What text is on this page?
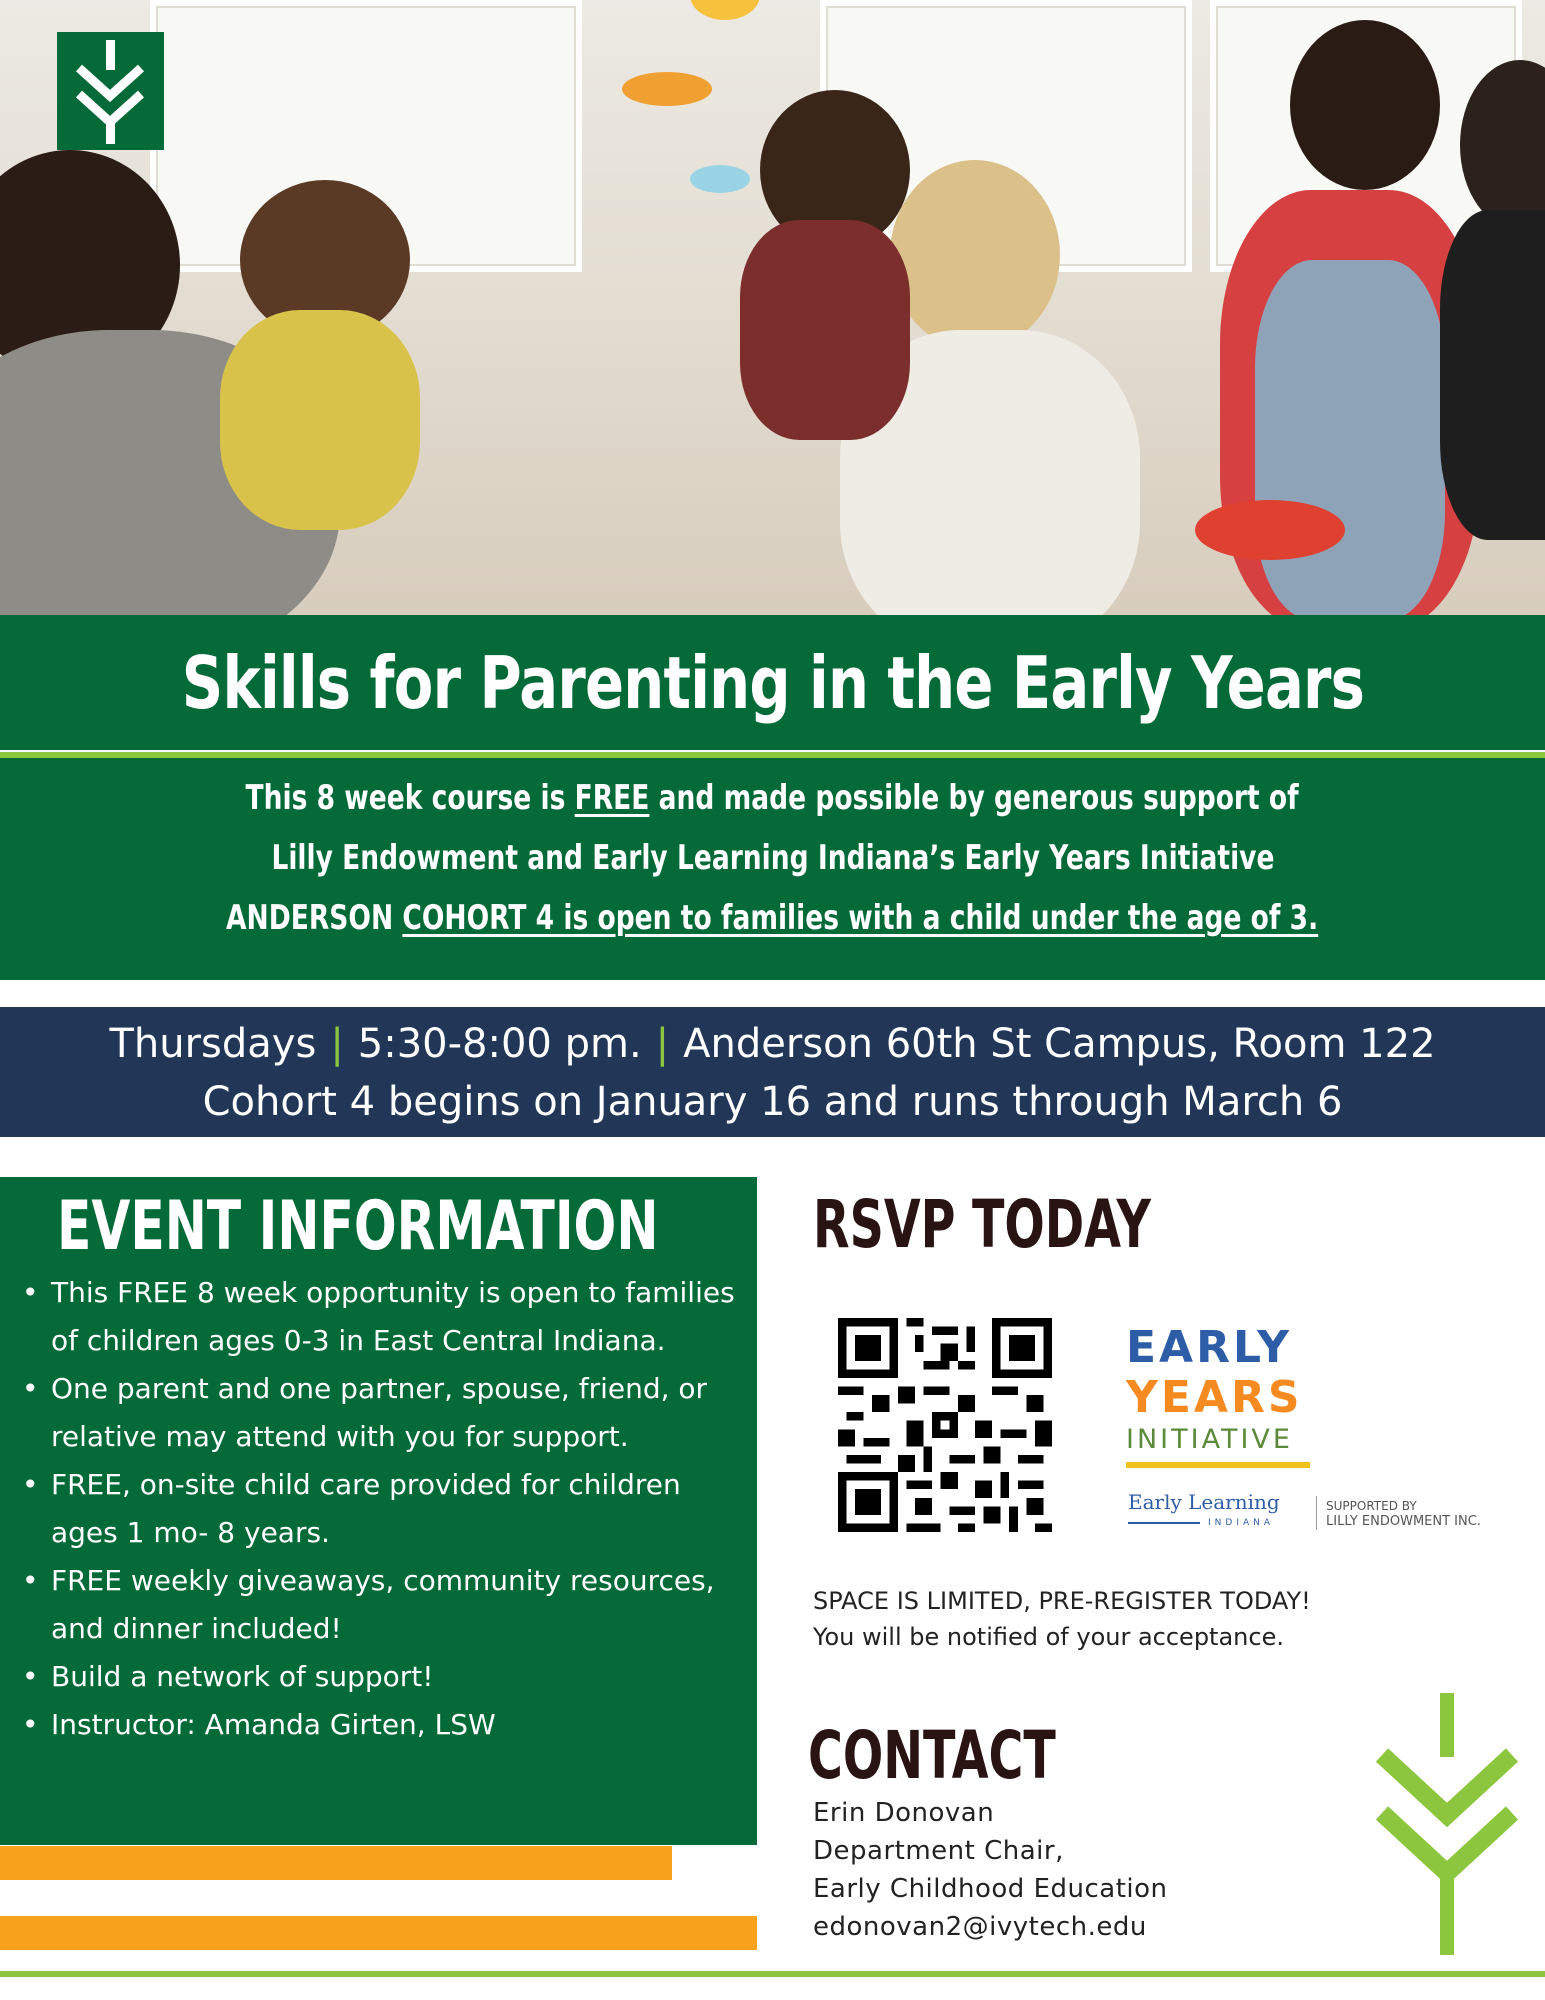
Skills for Parenting in the Early Years
This 8 week course is FREE and made possible by generous support of
Lilly Endowment and Early Learning Indiana’s Early Years Initiative
ANDERSON COHORT 4 is open to families with a child under the age of 3.
Thursdays | 5:30-8:00 pm. | Anderson 60th St Campus, Room 122
Cohort 4 begins on January 16 and runs through March 6
EVENT INFORMATION
• This FREE 8 week opportunity is open to families of children ages 0-3 in East Central Indiana.
• One parent and one partner, spouse, friend, or relative may attend with you for support.
• FREE, on-site child care provided for children ages 1 mo- 8 years.
• FREE weekly giveaways, community resources, and dinner included!
• Build a network of support!
• Instructor: Amanda Girten, LSW
RSVP TODAY
EARLY
YEARS
INITIATIVE
Early Learning
INDIANA
SUPPORTED BY
LILLY ENDOWMENT INC.
SPACE IS LIMITED, PRE-REGISTER TODAY!
You will be notified of your acceptance.
CONTACT
Erin Donovan
Department Chair,
Early Childhood Education
edonovan2@ivytech.edu
